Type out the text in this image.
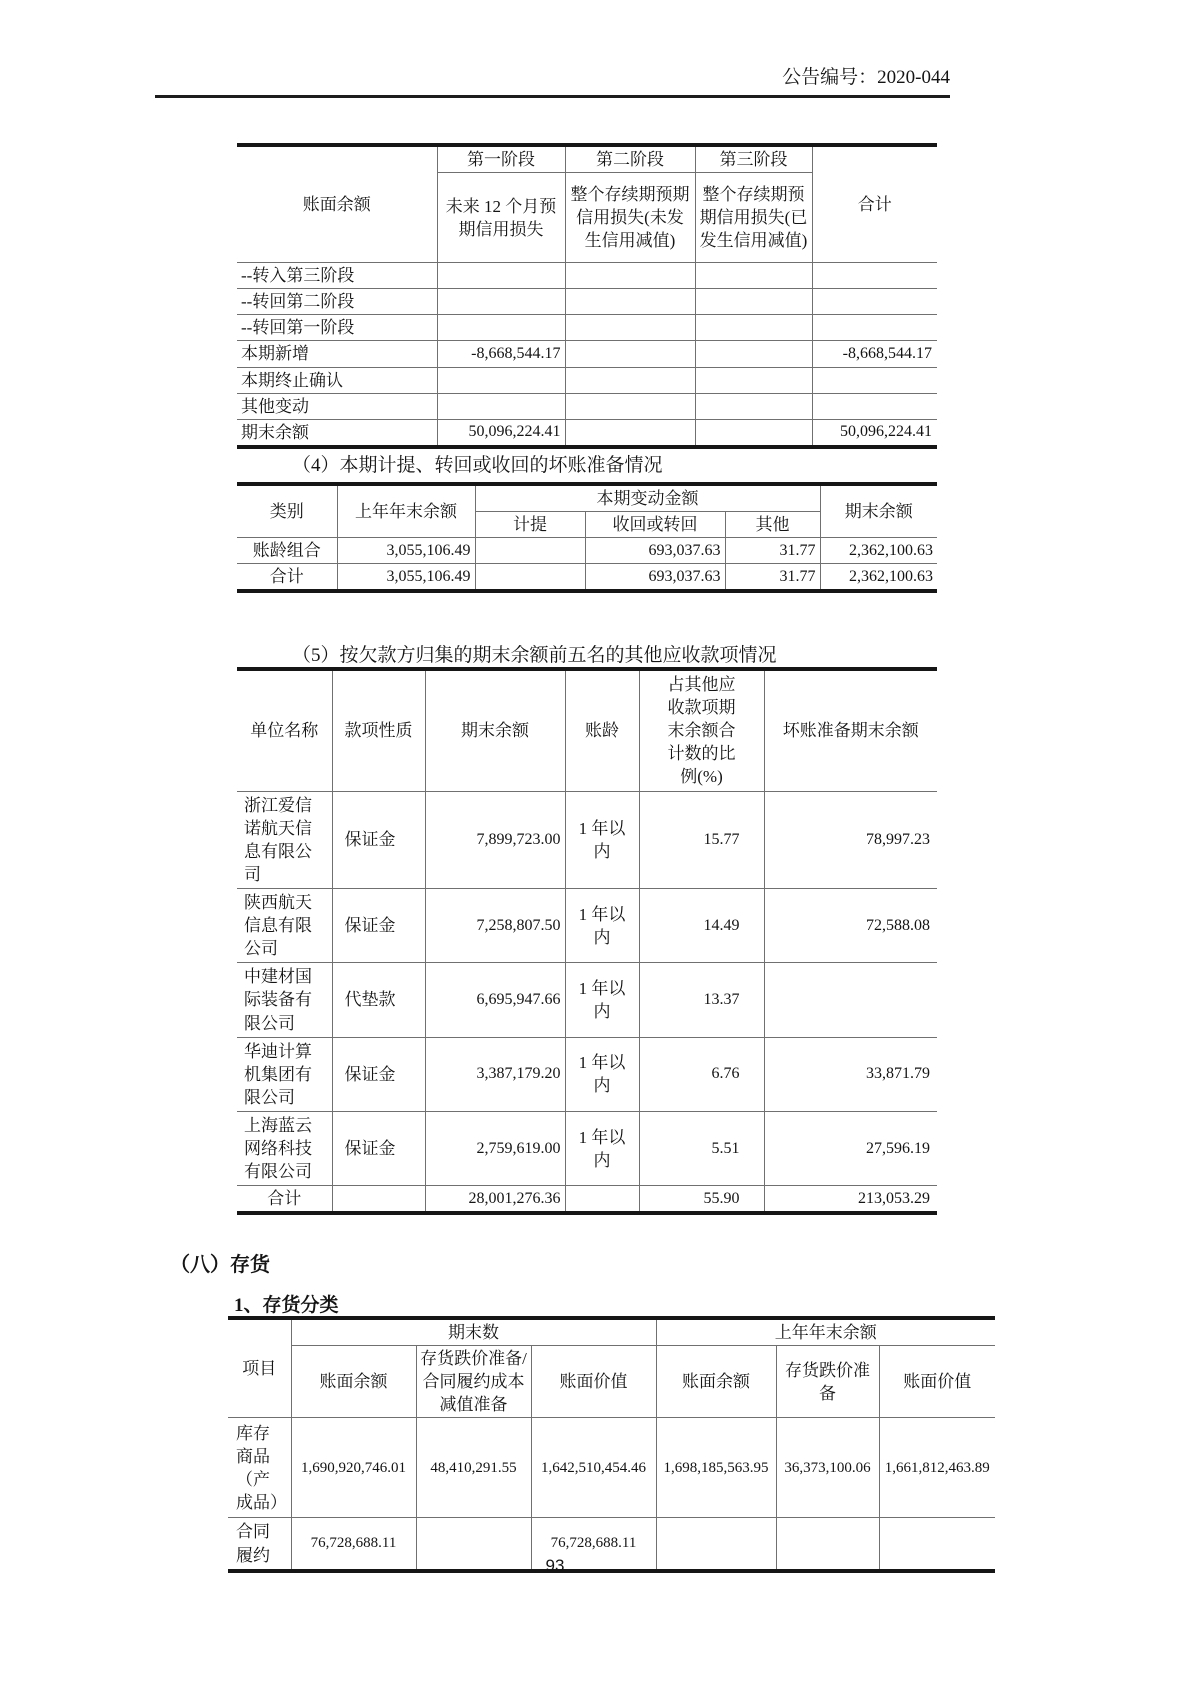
公告编号：2020-044
账面余额	第一阶段	第二阶段	第三阶段	合计
	未来 12 个月预期信用损失	整个存续期预期信用损失(未发生信用减值)	整个存续期预期信用损失(已发生信用减值)	
--转入第三阶段				
--转回第二阶段				
--转回第一阶段				
本期新增	-8,668,544.17			-8,668,544.17
本期终止确认				
其他变动				
期末余额	50,096,224.41			50,096,224.41
（4）本期计提、转回或收回的坏账准备情况
类别	上年年末余额	本期变动金额			期末余额
		计提	收回或转回	其他	
账龄组合	3,055,106.49		693,037.63	31.77	2,362,100.63
合计	3,055,106.49		693,037.63	31.77	2,362,100.63
（5）按欠款方归集的期末余额前五名的其他应收款项情况
单位名称	款项性质	期末余额	账龄	占其他应收款项期末余额合计数的比例(%)	坏账准备期末余额
浙江爱信诺航天信息有限公司	保证金	7,899,723.00	1 年以内	15.77	78,997.23
陕西航天信息有限公司	保证金	7,258,807.50	1 年以内	14.49	72,588.08
中建材国际装备有限公司	代垫款	6,695,947.66	1 年以内	13.37	
华迪计算机集团有限公司	保证金	3,387,179.20	1 年以内	6.76	33,871.79
上海蓝云网络科技有限公司	保证金	2,759,619.00	1 年以内	5.51	27,596.19
合计		28,001,276.36		55.90	213,053.29
（八）存货
1、存货分类
项目	期末数			上年年末余额		
	账面余额	存货跌价准备/合同履约成本减值准备	账面价值	账面余额	存货跌价准备	账面价值
库存商品（产成品）	1,690,920,746.01	48,410,291.55	1,642,510,454.46	1,698,185,563.95	36,373,100.06	1,661,812,463.89
合同履约	76,728,688.11		76,728,688.11			
93
